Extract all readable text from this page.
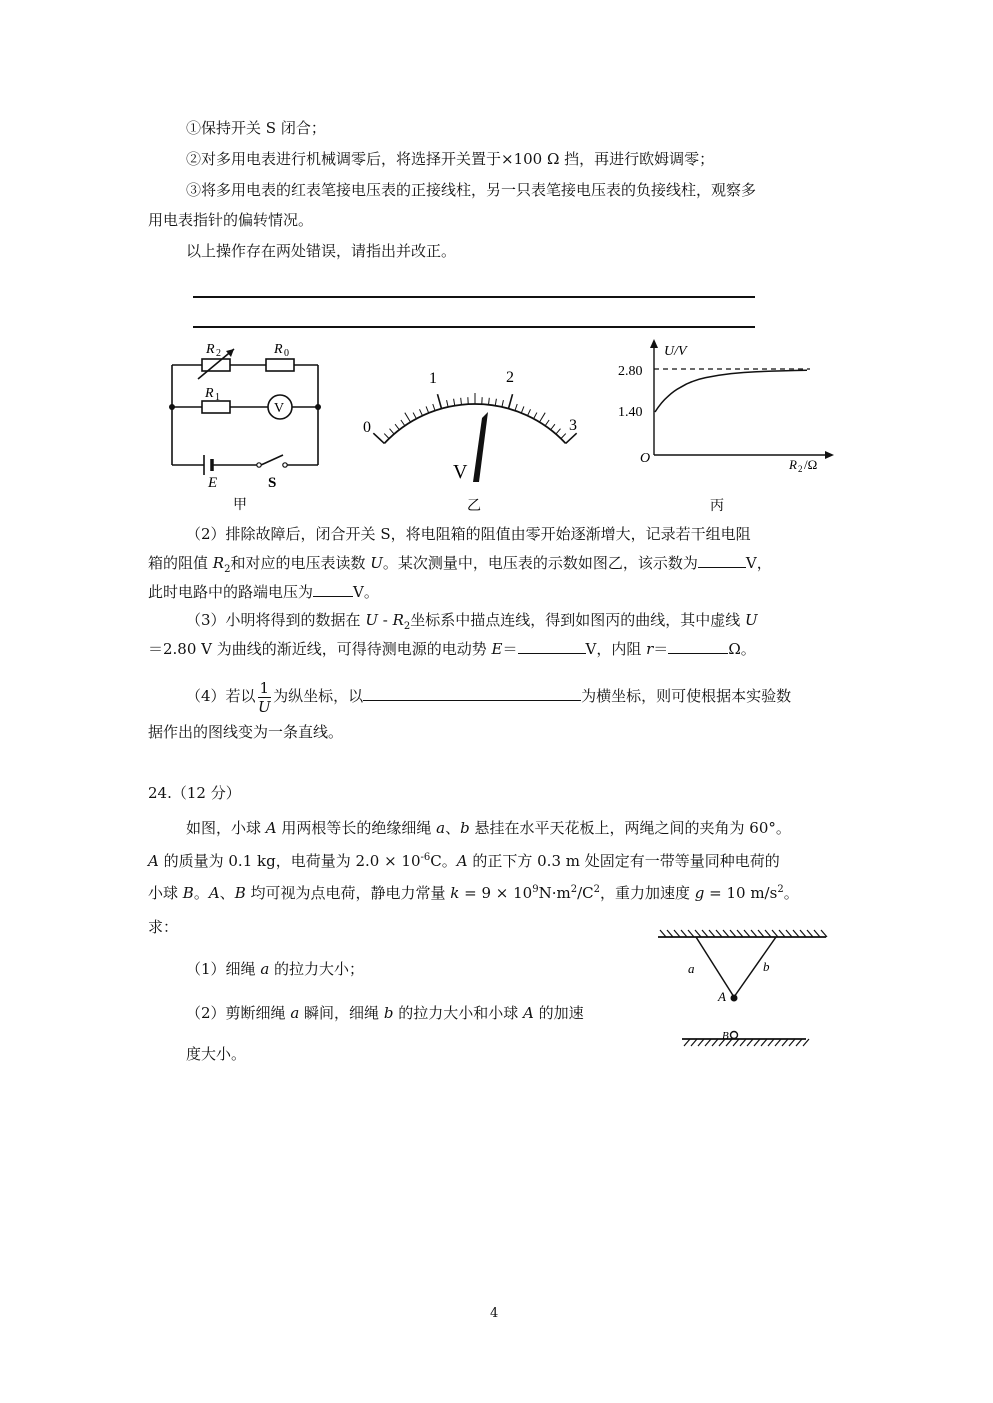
①保持开关 S 闭合；
②对多用电表进行机械调零后，将选择开关置于×100 Ω 挡，再进行欧姆调零；
③将多用电表的红表笔接电压表的正接线柱，另一只表笔接电压表的负接线柱，观察多
用电表指针的偏转情况。
以上操作存在两处错误，请指出并改正。
R 2	R 0
R 1
V
E	S
甲
0
1	2
3
V
乙
U/V
2.80
1.40
O	R 2 /Ω
丙
（2）排除故障后，闭合开关 S，将电阻箱的阻值由零开始逐渐增大，记录若干组电阻
箱的阻值 $R_2$和对应的电压表读数 U。某次测量中，电压表的示数如图乙，该示数为	V，
此时电路中的路端电压为	V。
（3）小明将得到的数据在 U - $R_2$坐标系中描点连线，得到如图丙的曲线，其中虚线 U
＝2.80 V 为曲线的渐近线，可得待测电源的电动势 E＝	V，内阻 r＝	Ω。
（4）若以 $\frac{1}{U}$ 为纵坐标，以	为横坐标，则可使根据本实验数
据作出的图线变为一条直线。
24.（12 分）
如图，小球 A 用两根等长的绝缘细绳 a、b 悬挂在水平天花板上，两绳之间的夹角为 60°。
A 的质量为 0.1 kg，电荷量为 $2.0 \times 10^{-6}C$。A 的正下方 0.3 m 处固定有一带等量同种电荷的
小球 B。A、B 均可视为点电荷，静电力常量 $k = 9 \times 10^9N\cdot m^2/C^2$，重力加速度 g = 10 $m/s^2$。
求：
（1）细绳 a 的拉力大小；
（2）剪断细绳 a 瞬间，细绳 b 的拉力大小和小球 A 的加速
度大小。
a	b
A
B
4
